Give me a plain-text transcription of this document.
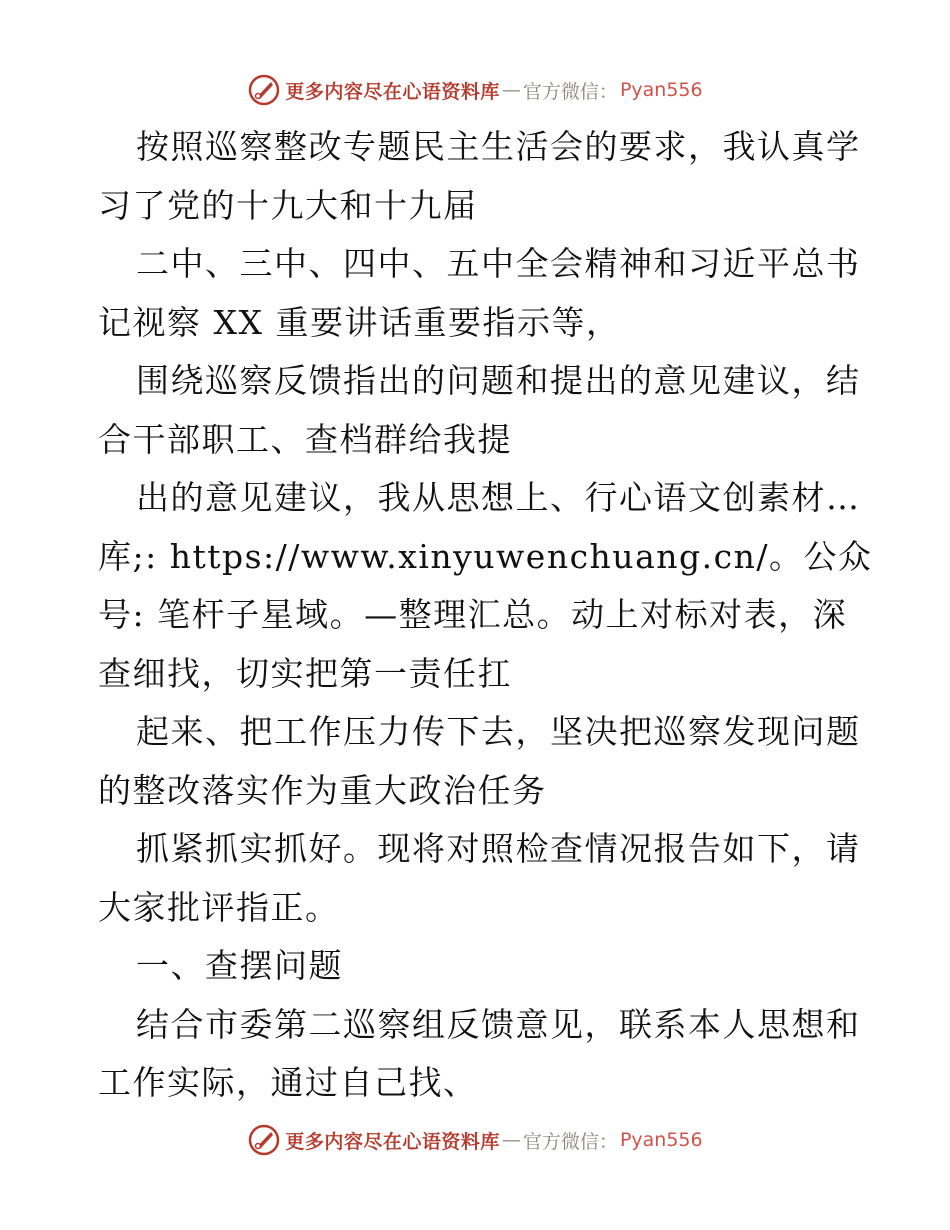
更多内容尽在心语资料库 — 官方微信： Pyan556
按照巡察整改专题民主生活会的要求，我认真学
习了党的十九大和十九届
二中、三中、四中、五中全会精神和习近平总书
记视察 XX 重要讲话重要指示等，
围绕巡察反馈指出的问题和提出的意见建议，结
合干部职工、查档群给我提
出的意见建议，我从思想上、行心语文创素材…
库;: https://www.xinyuwenchuang.cn/。公众
号: 笔杆子星域。—整理汇总。动上对标对表，深
查细找，切实把第一责任扛
起来、把工作压力传下去，坚决把巡察发现问题
的整改落实作为重大政治任务
抓紧抓实抓好。现将对照检查情况报告如下，请
大家批评指正。
一、查摆问题
结合市委第二巡察组反馈意见，联系本人思想和
工作实际，通过自己找、
更多内容尽在心语资料库 — 官方微信： Pyan556
